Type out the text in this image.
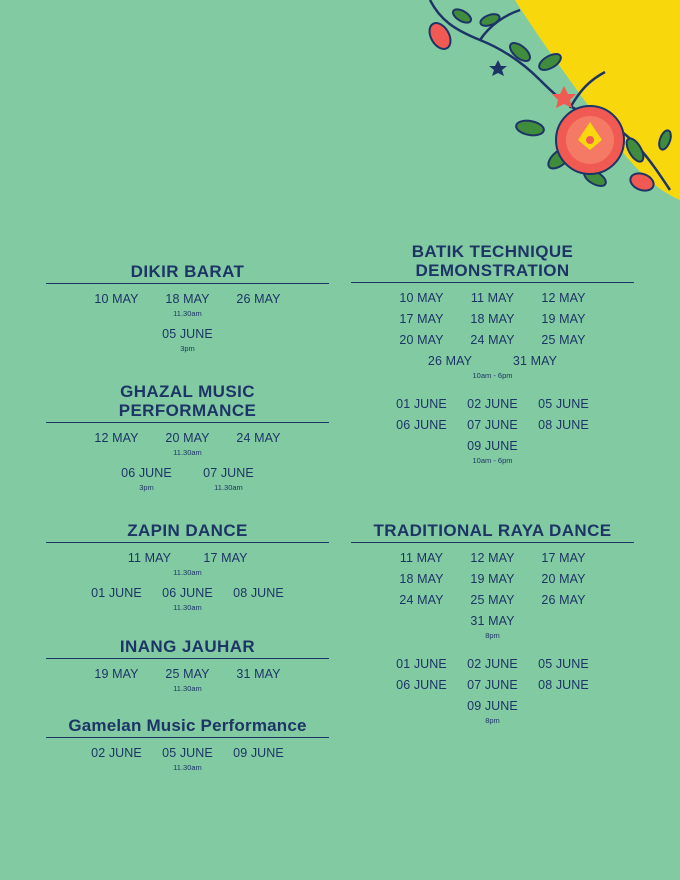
DIKIR BARAT
10 MAY	18 MAY	26 MAY
11.30am
05 JUNE
3pm
GHAZAL MUSIC
PERFORMANCE
12 MAY	20 MAY	24 MAY
11.30am
06 JUNE	07 JUNE
3pm	11.30am
ZAPIN DANCE
11 MAY	17 MAY
11.30am
01 JUNE	06 JUNE	08 JUNE
11.30am
INANG JAUHAR
19 MAY	25 MAY	31 MAY
11.30am
Gamelan Music Performance
02 JUNE	05 JUNE	09 JUNE
11.30am
BATIK TECHNIQUE
DEMONSTRATION
10 MAY	11 MAY	12 MAY
17 MAY	18 MAY	19 MAY
20 MAY	24 MAY	25 MAY
26 MAY	31 MAY
10am - 6pm
01 JUNE	02 JUNE	05 JUNE
06 JUNE	07 JUNE	08 JUNE
09 JUNE
10am - 6pm
TRADITIONAL RAYA DANCE
11 MAY	12 MAY	17 MAY
18 MAY	19 MAY	20 MAY
24 MAY	25 MAY	26 MAY
31 MAY
8pm
01 JUNE	02 JUNE	05 JUNE
06 JUNE	07 JUNE	08 JUNE
09 JUNE
8pm
